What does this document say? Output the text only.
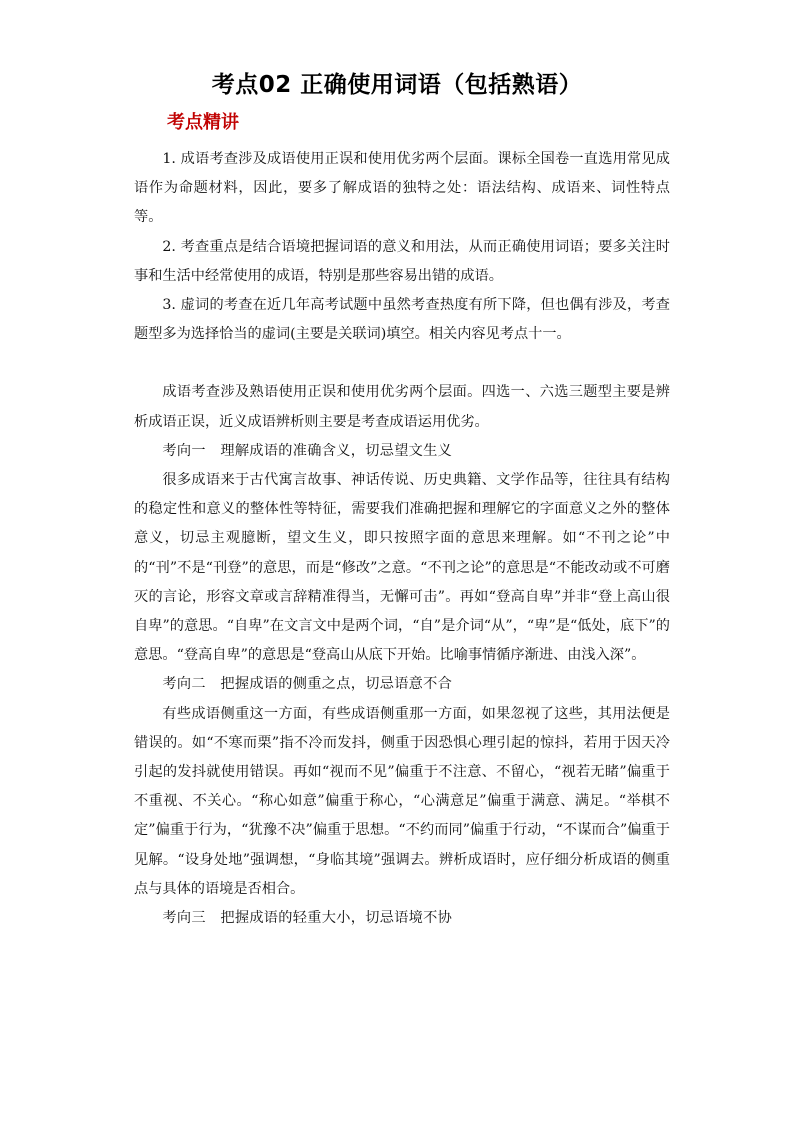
考点02 正确使用词语（包括熟语）
考点精讲

1. 成语考查涉及成语使用正误和使用优劣两个层面。课标全国卷一直选用常见成语作为命题材料，因此，要多了解成语的独特之处：语法结构、成语来、词性特点等。

2. 考查重点是结合语境把握词语的意义和用法，从而正确使用词语；要多关注时事和生活中经常使用的成语，特别是那些容易出错的成语。

3. 虚词的考查在近几年高考试题中虽然考查热度有所下降，但也偶有涉及，考查题型多为选择恰当的虚词(主要是关联词)填空。相关内容见考点十一。

成语考查涉及熟语使用正误和使用优劣两个层面。四选一、六选三题型主要是辨析成语正误，近义成语辨析则主要是考查成语运用优劣。

考向一　理解成语的准确含义，切忌望文生义

很多成语来于古代寓言故事、神话传说、历史典籍、文学作品等，往往具有结构的稳定性和意义的整体性等特征，需要我们准确把握和理解它的字面意义之外的整体意义，切忌主观臆断，望文生义，即只按照字面的意思来理解。如“不刊之论”中的“刊”不是“刊登”的意思，而是“修改”之意。“不刊之论”的意思是“不能改动或不可磨灭的言论，形容文章或言辞精准得当，无懈可击”。再如“登高自卑”并非“登上高山很自卑”的意思。“自卑”在文言文中是两个词，“自”是介词“从”，“卑”是“低处，底下”的意思。“登高自卑”的意思是“登高山从底下开始。比喻事情循序渐进、由浅入深”。

考向二　把握成语的侧重之点，切忌语意不合

有些成语侧重这一方面，有些成语侧重那一方面，如果忽视了这些，其用法便是错误的。如“不寒而栗”指不冷而发抖，侧重于因恐惧心理引起的惊抖，若用于因天冷引起的发抖就使用错误。再如“视而不见”偏重于不注意、不留心，“视若无睹”偏重于不重视、不关心。“称心如意”偏重于称心，“心满意足”偏重于满意、满足。“举棋不定”偏重于行为，“犹豫不决”偏重于思想。“不约而同”偏重于行动，“不谋而合”偏重于见解。“设身处地”强调想，“身临其境”强调去。辨析成语时，应仔细分析成语的侧重点与具体的语境是否相合。

考向三　把握成语的轻重大小，切忌语境不协
